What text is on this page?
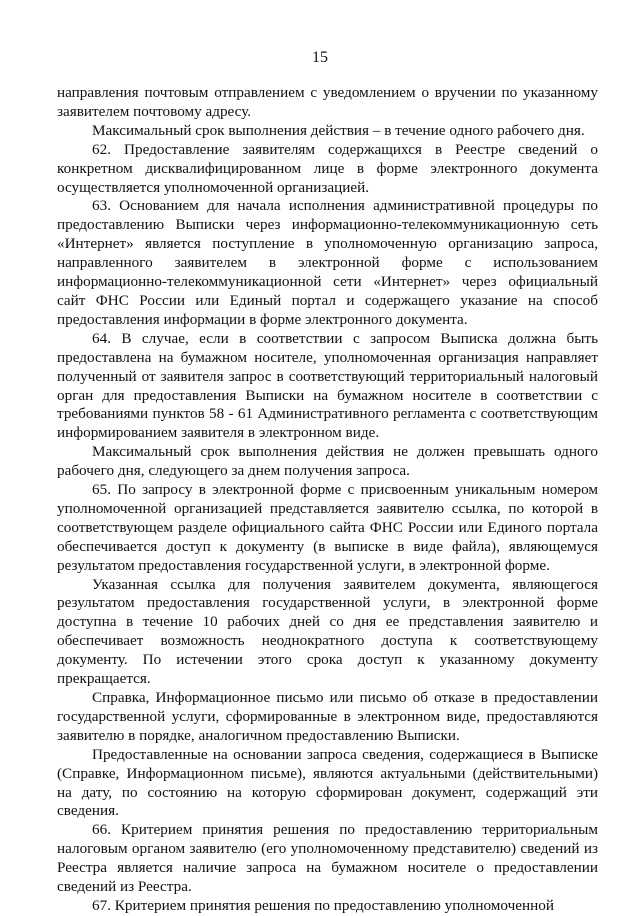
15

направления почтовым отправлением с уведомлением о вручении по указанному заявителем почтовому адресу.

Максимальный срок выполнения действия – в течение одного рабочего дня.

62. Предоставление заявителям содержащихся в Реестре сведений о конкретном дисквалифицированном лице в форме электронного документа осуществляется уполномоченной организацией.

63. Основанием для начала исполнения административной процедуры по предоставлению Выписки через информационно-телекоммуникационную сеть «Интернет» является поступление в уполномоченную организацию запроса, направленного заявителем в электронной форме с использованием информационно-телекоммуникационной сети «Интернет» через официальный сайт ФНС России или Единый портал и содержащего указание на способ предоставления информации в форме электронного документа.

64. В случае, если в соответствии с запросом Выписка должна быть предоставлена на бумажном носителе, уполномоченная организация направляет полученный от заявителя запрос в соответствующий территориальный налоговый орган для предоставления Выписки на бумажном носителе в соответствии с требованиями пунктов 58 - 61 Административного регламента с соответствующим информированием заявителя в электронном виде.

Максимальный срок выполнения действия не должен превышать одного рабочего дня, следующего за днем получения запроса.

65. По запросу в электронной форме с присвоенным уникальным номером уполномоченной организацией представляется заявителю ссылка, по которой в соответствующем разделе официального сайта ФНС России или Единого портала обеспечивается доступ к документу (в выписке в виде файла), являющемуся результатом предоставления государственной услуги, в электронной форме.

Указанная ссылка для получения заявителем документа, являющегося результатом предоставления государственной услуги, в электронной форме доступна в течение 10 рабочих дней со дня ее представления заявителю и обеспечивает возможность неоднократного доступа к соответствующему документу. По истечении этого срока доступ к указанному документу прекращается.

Справка, Информационное письмо или письмо об отказе в предоставлении государственной услуги, сформированные в электронном виде, предоставляются заявителю в порядке, аналогичном предоставлению Выписки.

Предоставленные на основании запроса сведения, содержащиеся в Выписке (Справке, Информационном письме), являются актуальными (действительными) на дату, по состоянию на которую сформирован документ, содержащий эти сведения.

66. Критерием принятия решения по предоставлению территориальным налоговым органом заявителю (его уполномоченному представителю) сведений из Реестра является наличие запроса на бумажном носителе о предоставлении сведений из Реестра.

67. Критерием принятия решения по предоставлению уполномоченной
